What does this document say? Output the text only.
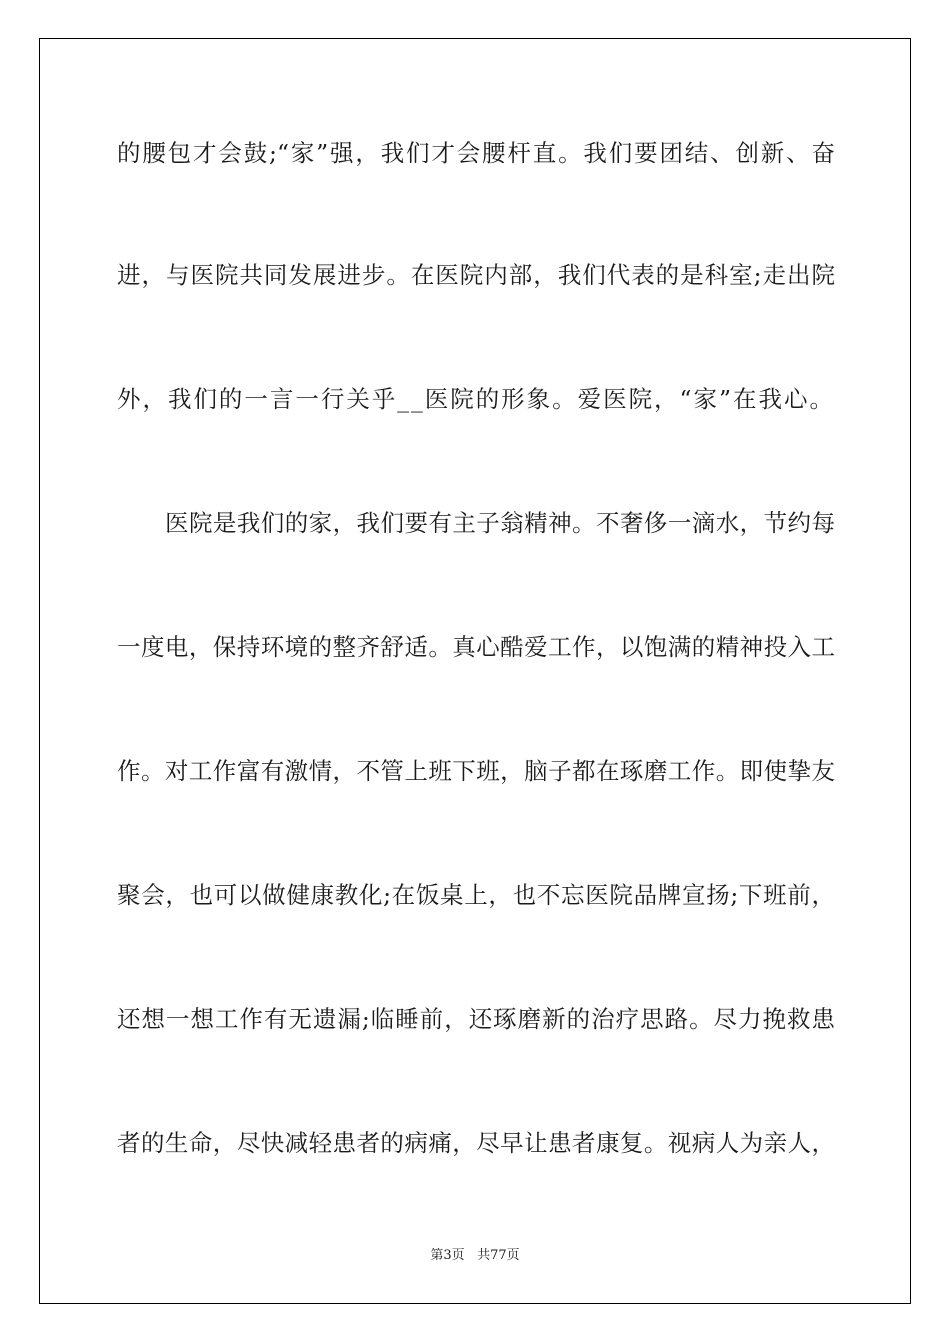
的腰包才会鼓;“家”强，我们才会腰杆直。我们要团结、创新、奋
进，与医院共同发展进步。在医院内部，我们代表的是科室;走出院
外，我们的一言一行关乎__医院的形象。爱医院，“家”在我心。
医院是我们的家，我们要有主子翁精神。不奢侈一滴水，节约每
一度电，保持环境的整齐舒适。真心酷爱工作，以饱满的精神投入工
作。对工作富有激情，不管上班下班，脑子都在琢磨工作。即使挚友
聚会，也可以做健康教化;在饭桌上，也不忘医院品牌宣扬;下班前，
还想一想工作有无遗漏;临睡前，还琢磨新的治疗思路。尽力挽救患
者的生命，尽快减轻患者的病痛，尽早让患者康复。视病人为亲人，
第3页 共77页
